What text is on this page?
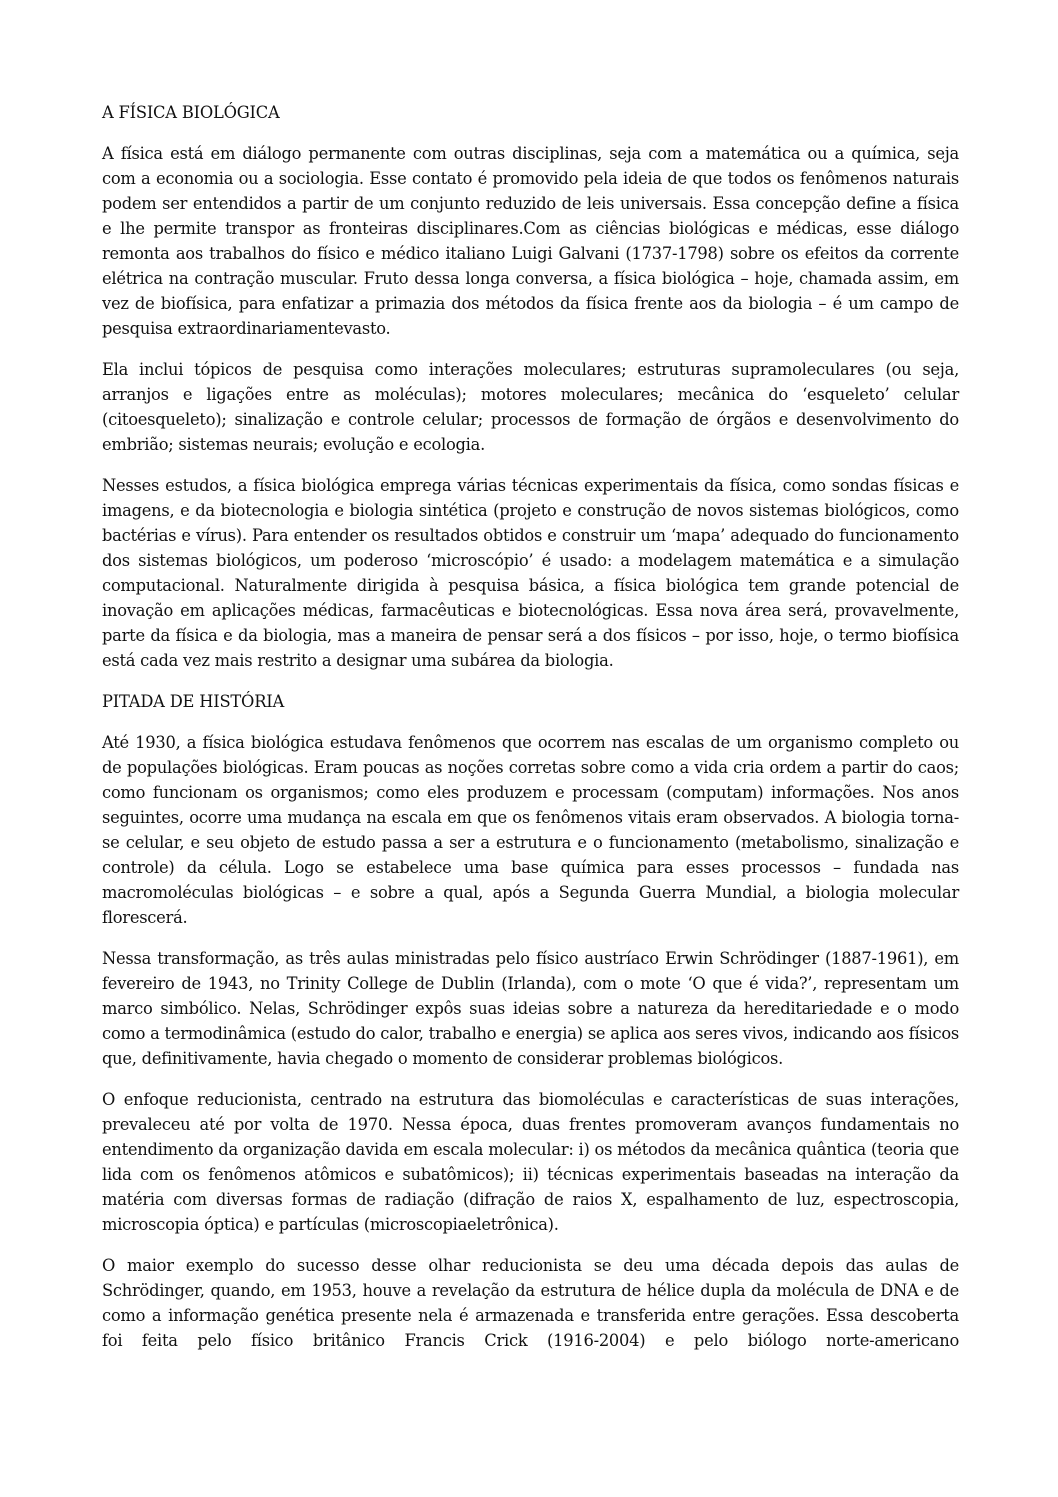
A FÍSICA BIOLÓGICA

A física está em diálogo permanente com outras disciplinas, seja com a matemática ou a química, seja com a economia ou a sociologia. Esse contato é promovido pela ideia de que todos os fenômenos naturais podem ser entendidos a partir de um conjunto reduzido de leis universais. Essa concepção define a física e lhe permite transpor as fronteiras disciplinares.Com as ciências biológicas e médicas, esse diálogo remonta aos trabalhos do físico e médico italiano Luigi Galvani (1737-1798) sobre os efeitos da corrente elétrica na contração muscular. Fruto dessa longa conversa, a física biológica – hoje, chamada assim, em vez de biofísica, para enfatizar a primazia dos métodos da física frente aos da biologia – é um campo de pesquisa extraordinariamentevasto.

Ela inclui tópicos de pesquisa como interações moleculares; estruturas supramoleculares (ou seja, arranjos e ligações entre as moléculas); motores moleculares; mecânica do ‘esqueleto’ celular (citoesqueleto); sinalização e controle celular; processos de formação de órgãos e desenvolvimento do embrião; sistemas neurais; evolução e ecologia.

Nesses estudos, a física biológica emprega várias técnicas experimentais da física, como sondas físicas e imagens, e da biotecnologia e biologia sintética (projeto e construção de novos sistemas biológicos, como bactérias e vírus). Para entender os resultados obtidos e construir um ‘mapa’ adequado do funcionamento dos sistemas biológicos, um poderoso ‘microscópio’ é usado: a modelagem matemática e a simulação computacional. Naturalmente dirigida à pesquisa básica, a física biológica tem grande potencial de inovação em aplicações médicas, farmacêuticas e biotecnológicas. Essa nova área será, provavelmente, parte da física e da biologia, mas a maneira de pensar será a dos físicos – por isso, hoje, o termo biofísica está cada vez mais restrito a designar uma subárea da biologia.

PITADA DE HISTÓRIA

Até 1930, a física biológica estudava fenômenos que ocorrem nas escalas de um organismo completo ou de populações biológicas. Eram poucas as noções corretas sobre como a vida cria ordem a partir do caos; como funcionam os organismos; como eles produzem e processam (computam) informações. Nos anos seguintes, ocorre uma mudança na escala em que os fenômenos vitais eram observados. A biologia torna-se celular, e seu objeto de estudo passa a ser a estrutura e o funcionamento (metabolismo, sinalização e controle) da célula. Logo se estabelece uma base química para esses processos – fundada nas macromoléculas biológicas – e sobre a qual, após a Segunda Guerra Mundial, a biologia molecular florescerá.

Nessa transformação, as três aulas ministradas pelo físico austríaco Erwin Schrödinger (1887-1961), em fevereiro de 1943, no Trinity College de Dublin (Irlanda), com o mote ‘O que é vida?’, representam um marco simbólico. Nelas, Schrödinger expôs suas ideias sobre a natureza da hereditariedade e o modo como a termodinâmica (estudo do calor, trabalho e energia) se aplica aos seres vivos, indicando aos físicos que, definitivamente, havia chegado o momento de considerar problemas biológicos.

O enfoque reducionista, centrado na estrutura das biomoléculas e características de suas interações, prevaleceu até por volta de 1970. Nessa época, duas frentes promoveram avanços fundamentais no entendimento da organização davida em escala molecular: i) os métodos da mecânica quântica (teoria que lida com os fenômenos atômicos e subatômicos); ii) técnicas experimentais baseadas na interação da matéria com diversas formas de radiação (difração de raios X, espalhamento de luz, espectroscopia, microscopia óptica) e partículas (microscopiaeletrônica).

O maior exemplo do sucesso desse olhar reducionista se deu uma década depois das aulas de Schrödinger, quando, em 1953, houve a revelação da estrutura de hélice dupla da molécula de DNA e de como a informação genética presente nela é armazenada e transferida entre gerações. Essa descoberta foi feita pelo físico britânico Francis Crick (1916-2004) e pelo biólogo norte-americano
